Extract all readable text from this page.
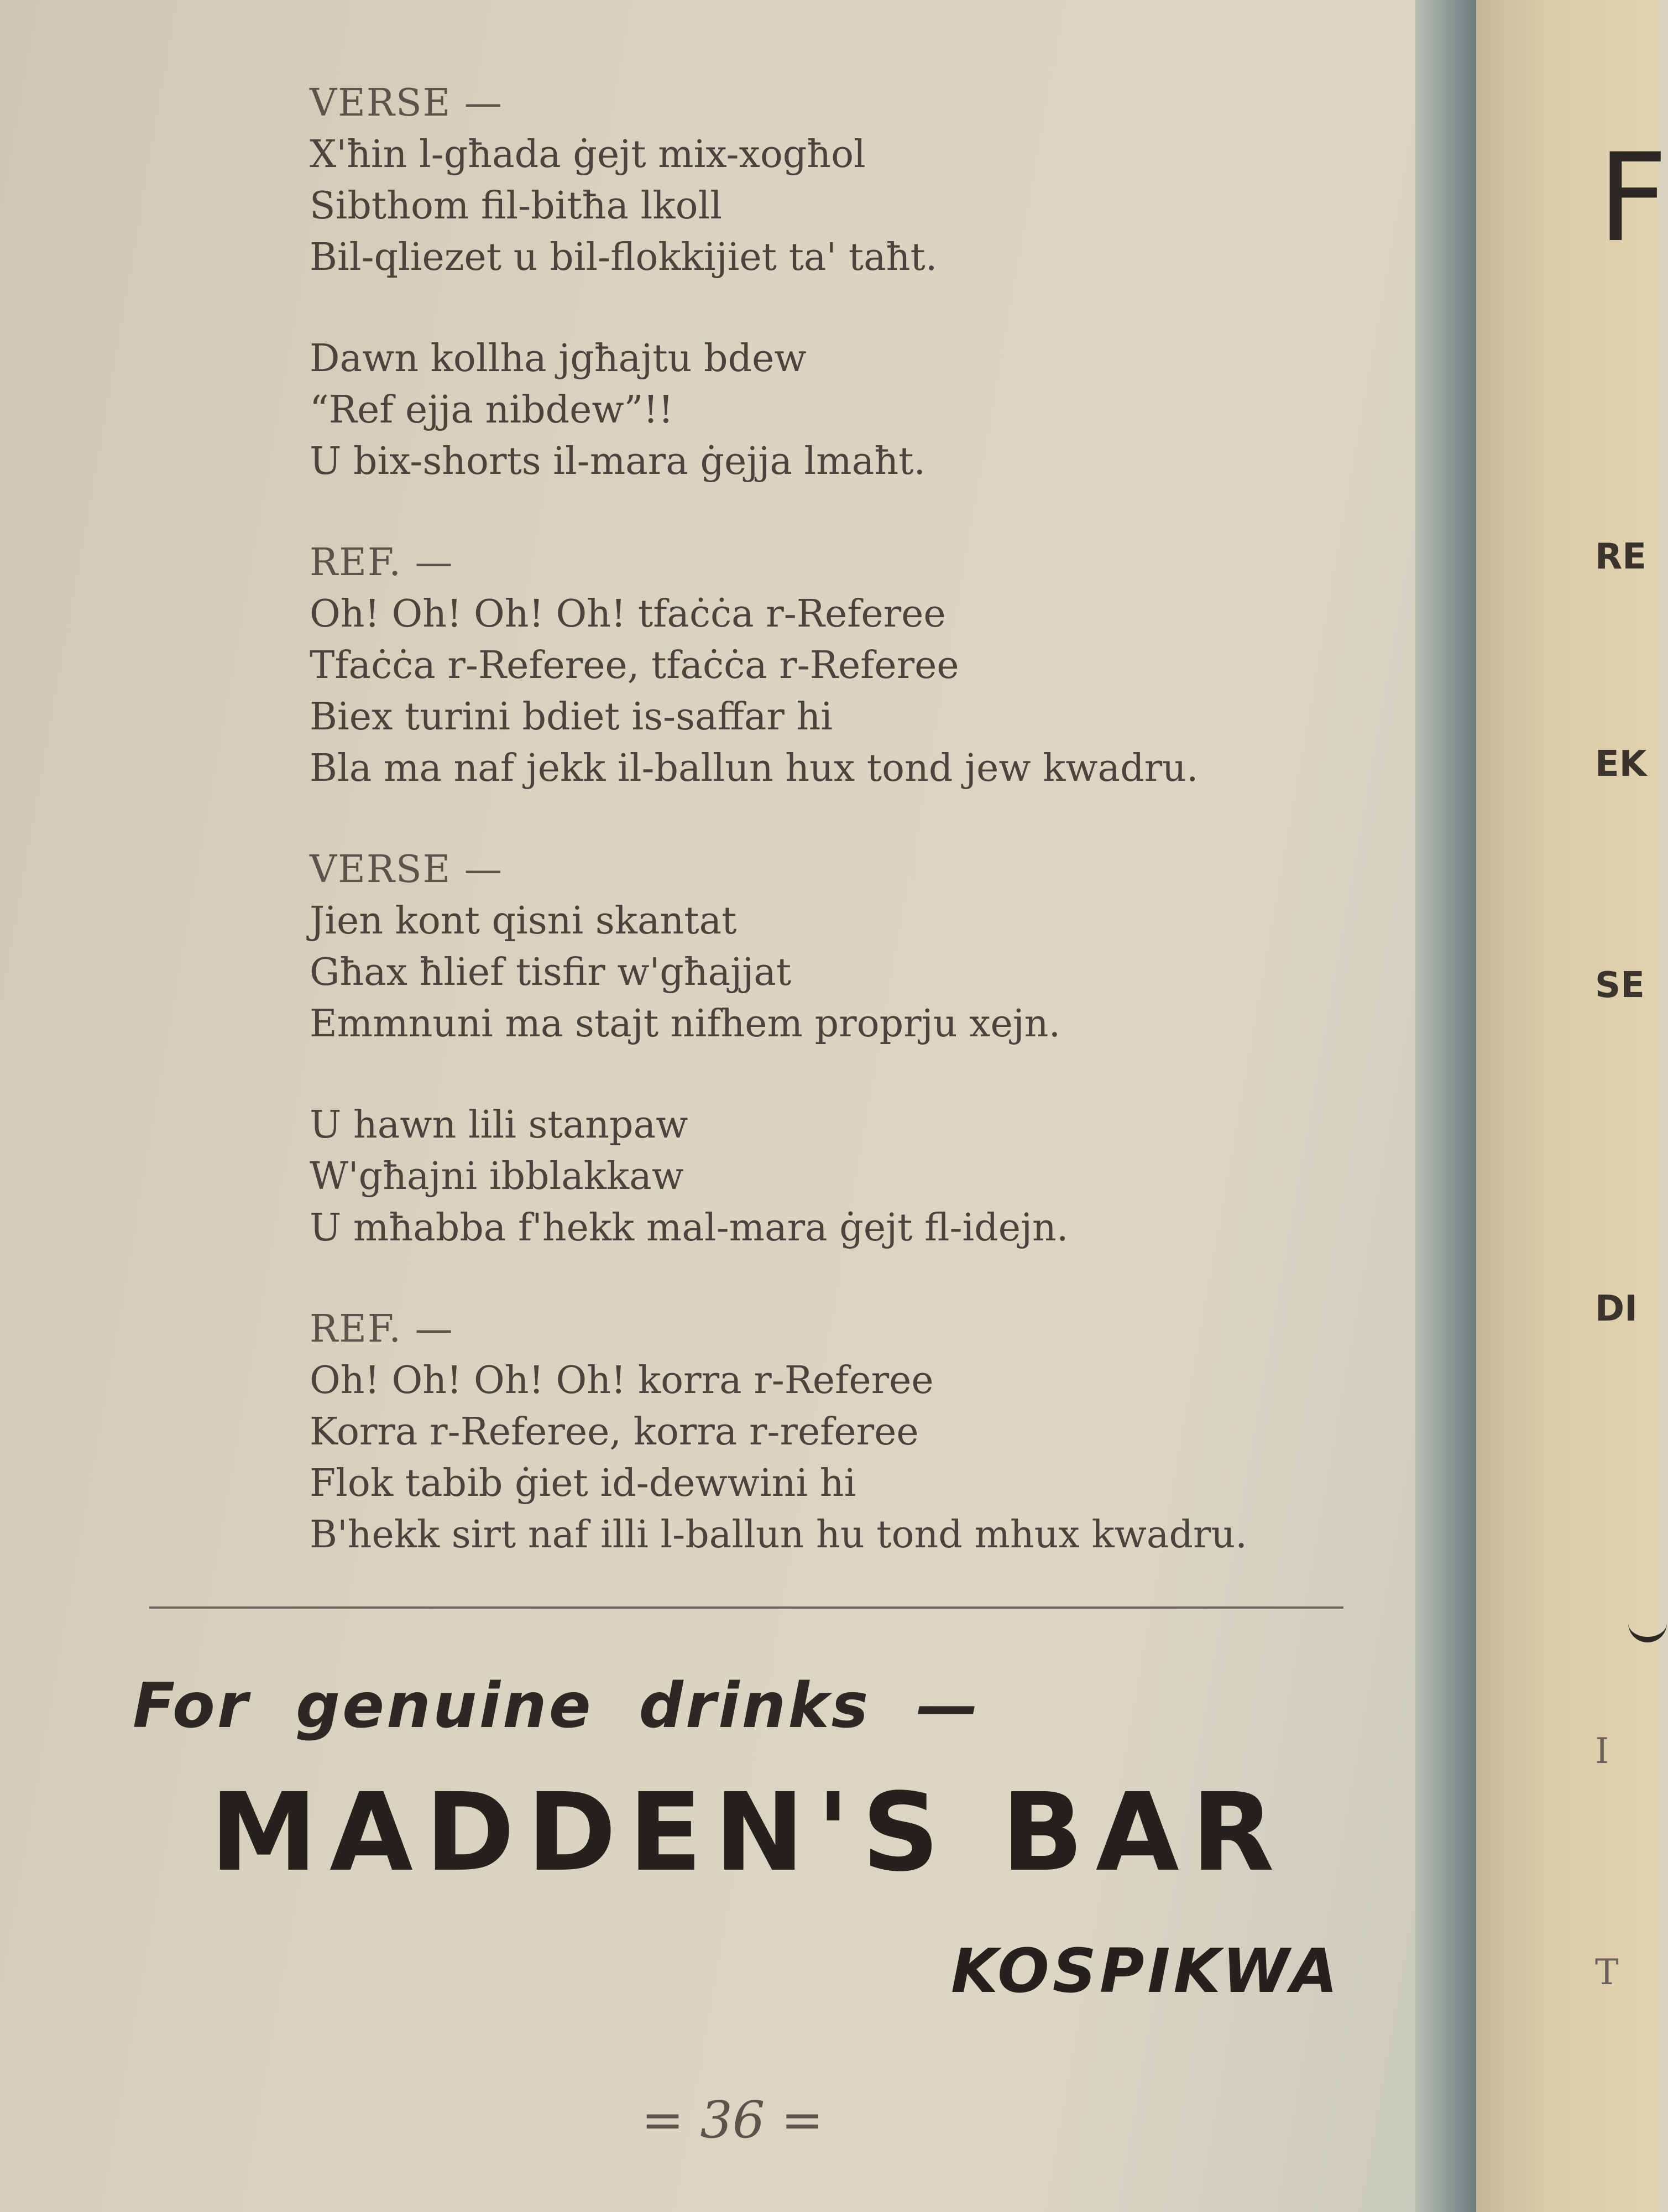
F
RE
EK
SE
DI
I
T
VERSE —
X'ħin l-għada ġejt mix-xogħol
Sibthom fil-bitħa lkoll
Bil-qliezet u bil-flokkijiet ta' taħt.
Dawn kollha jgħajtu bdew
“Ref ejja nibdew”!!
U bix-shorts il-mara ġejja lmaħt.
REF. —
Oh! Oh! Oh! Oh! tfaċċa r-Referee
Tfaċċa r-Referee, tfaċċa r-Referee
Biex turini bdiet is-saffar hi
Bla ma naf jekk il-ballun hux tond jew kwadru.
VERSE —
Jien kont qisni skantat
Għax ħlief tisfir w'għajjat
Emmnuni ma stajt nifhem proprju xejn.
U hawn lili stanpaw
W'għajni ibblakkaw
U mħabba f'hekk mal-mara ġejt fl-idejn.
REF. —
Oh! Oh! Oh! Oh! korra r-Referee
Korra r-Referee, korra r-referee
Flok tabib ġiet id-dewwini hi
B'hekk sirt naf illi l-ballun hu tond mhux kwadru.
For genuine drinks —
MADDEN'S BAR
KOSPIKWA
= 36 =
